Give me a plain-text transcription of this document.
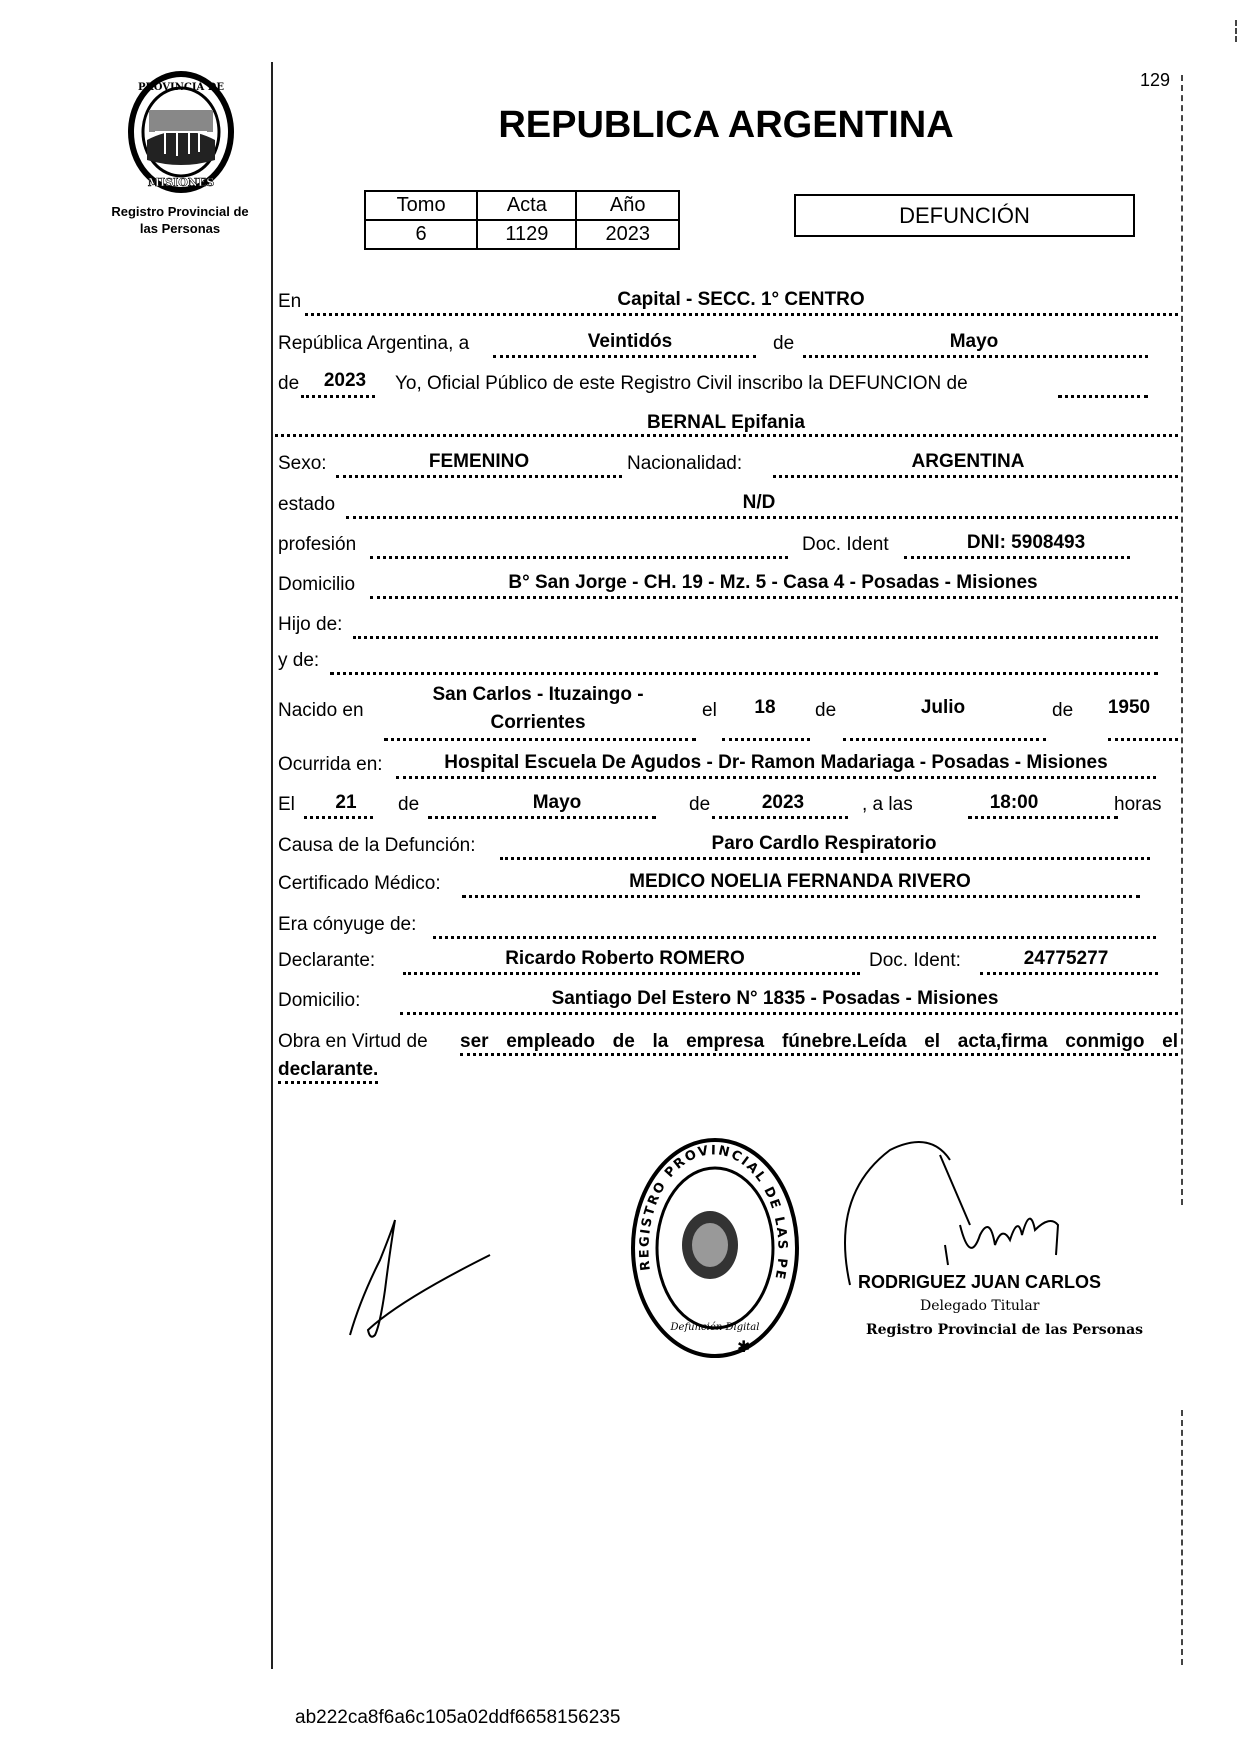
PROVINCIA DE
MISIONES
Registro Provincial de
las Personas
129
REPUBLICA ARGENTINA
Tomo	Acta	Año
6	1129	2023
DEFUNCIÓN
En	Capital - SECC. 1° CENTRO
República Argentina, a	Veintidós	de	Mayo
de 2023 Yo, Oficial Público de este Registro Civil inscribo la DEFUNCION de
BERNAL Epifania
Sexo:	FEMENINO	Nacionalidad:	ARGENTINA
estado	N/D
profesión	Doc. Ident	DNI: 5908493
Domicilio	B° San Jorge - CH. 19 - Mz. 5 - Casa 4 - Posadas - Misiones
Hijo de:
y de:
Nacido en
San Carlos - Ituzaingo -
Corrientes
el 18 de	Julio	de 1950
Ocurrida en:	Hospital Escuela De Agudos - Dr- Ramon Madariaga - Posadas - Misiones
El 21 de	Mayo	de	2023	, a las	18:00	horas
Causa de la Defunción:	Paro Cardlo Respiratorio
Certificado Médico:	MEDICO NOELIA FERNANDA RIVERO
Era cónyuge de:
Declarante:	Ricardo Roberto ROMERO	Doc. Ident:	24775277
Domicilio:	Santiago Del Estero N° 1835 - Posadas - Misiones
Obra en Virtud de ser empleado de la empresa fúnebre.Leída el acta,firma conmigo el
declarante.
REGISTRO PROVINCIAL DE LAS PE
Defunción Digital
✱
RODRIGUEZ JUAN CARLOS
Delegado Titular
Registro Provincial de las Personas
ab222ca8f6a6c105a02ddf6658156235
